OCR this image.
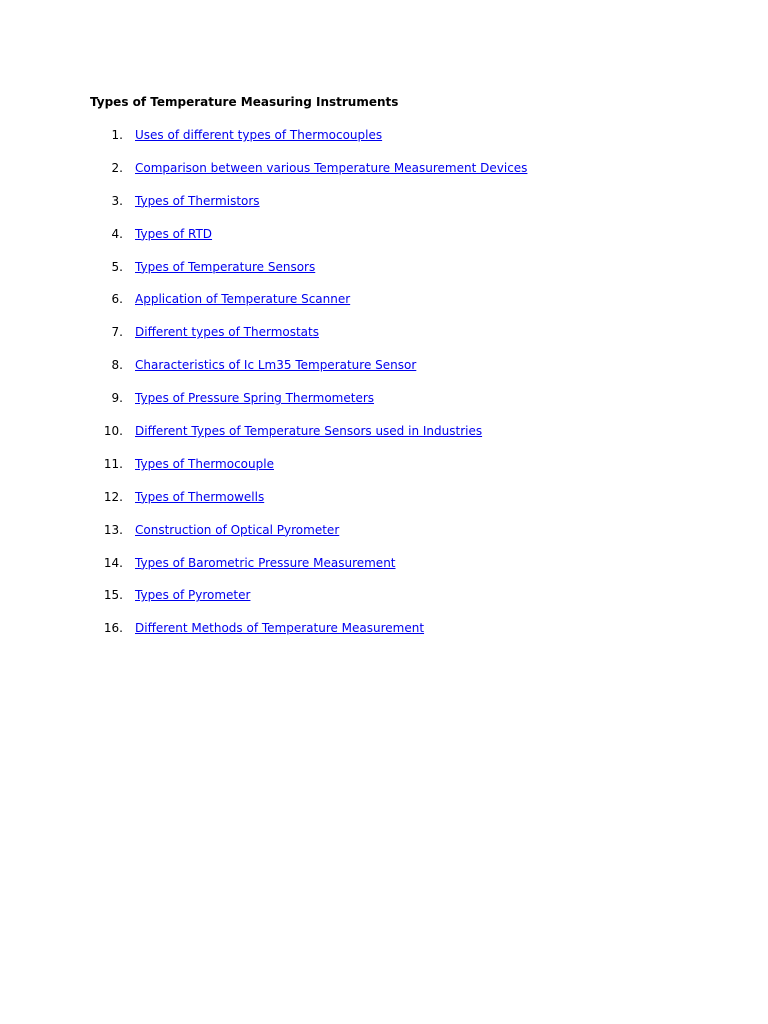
Types of Temperature Measuring Instruments
1. Uses of different types of Thermocouples
2. Comparison between various Temperature Measurement Devices
3. Types of Thermistors
4. Types of RTD
5. Types of Temperature Sensors
6. Application of Temperature Scanner
7. Different types of Thermostats
8. Characteristics of Ic Lm35 Temperature Sensor
9. Types of Pressure Spring Thermometers
10. Different Types of Temperature Sensors used in Industries
11. Types of Thermocouple
12. Types of Thermowells
13. Construction of Optical Pyrometer
14. Types of Barometric Pressure Measurement
15. Types of Pyrometer
16. Different Methods of Temperature Measurement
